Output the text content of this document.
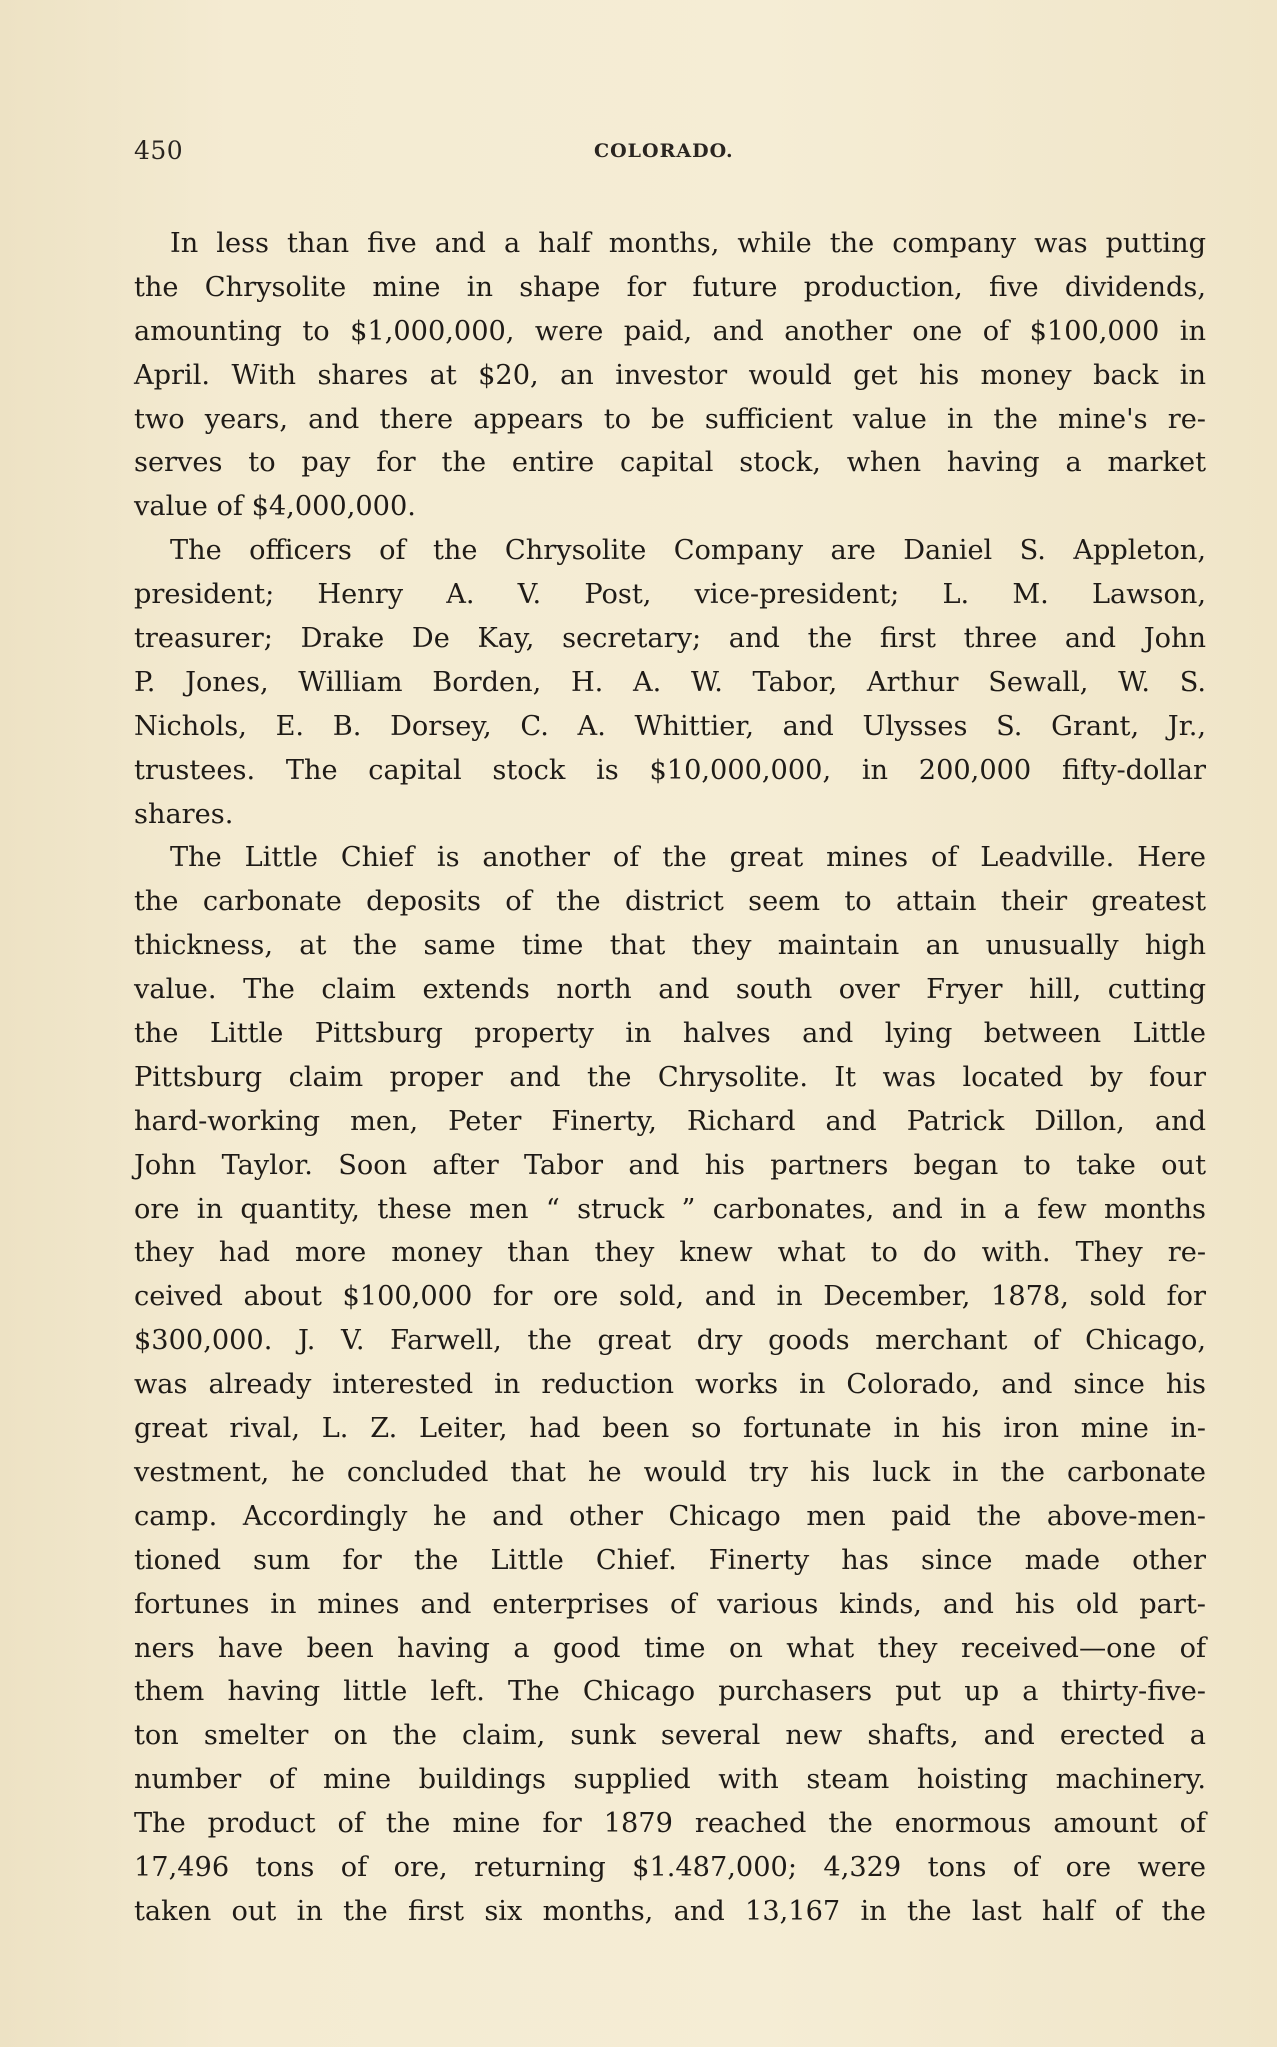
450	COLORADO.
In less than five and a half months, while the company was putting
the Chrysolite mine in shape for future production, five dividends,
amounting to $1,000,000, were paid, and another one of $100,000 in
April. With shares at $20, an investor would get his money back in
two years, and there appears to be sufficient value in the mine's re-
serves to pay for the entire capital stock, when having a market
value of $4,000,000.
The officers of the Chrysolite Company are Daniel S. Appleton,
president; Henry A. V. Post, vice-president; L. M. Lawson,
treasurer; Drake De Kay, secretary; and the first three and John
P. Jones, William Borden, H. A. W. Tabor, Arthur Sewall, W. S.
Nichols, E. B. Dorsey, C. A. Whittier, and Ulysses S. Grant, Jr.,
trustees. The capital stock is $10,000,000, in 200,000 fifty-dollar
shares.
The Little Chief is another of the great mines of Leadville. Here
the carbonate deposits of the district seem to attain their greatest
thickness, at the same time that they maintain an unusually high
value. The claim extends north and south over Fryer hill, cutting
the Little Pittsburg property in halves and lying between Little
Pittsburg claim proper and the Chrysolite. It was located by four
hard-working men, Peter Finerty, Richard and Patrick Dillon, and
John Taylor. Soon after Tabor and his partners began to take out
ore in quantity, these men “ struck ” carbonates, and in a few months
they had more money than they knew what to do with. They re-
ceived about $100,000 for ore sold, and in December, 1878, sold for
$300,000. J. V. Farwell, the great dry goods merchant of Chicago,
was already interested in reduction works in Colorado, and since his
great rival, L. Z. Leiter, had been so fortunate in his iron mine in-
vestment, he concluded that he would try his luck in the carbonate
camp. Accordingly he and other Chicago men paid the above-men-
tioned sum for the Little Chief. Finerty has since made other
fortunes in mines and enterprises of various kinds, and his old part-
ners have been having a good time on what they received—one of
them having little left. The Chicago purchasers put up a thirty-five-
ton smelter on the claim, sunk several new shafts, and erected a
number of mine buildings supplied with steam hoisting machinery.
The product of the mine for 1879 reached the enormous amount of
17,496 tons of ore, returning $1.487,000; 4,329 tons of ore were
taken out in the first six months, and 13,167 in the last half of the
